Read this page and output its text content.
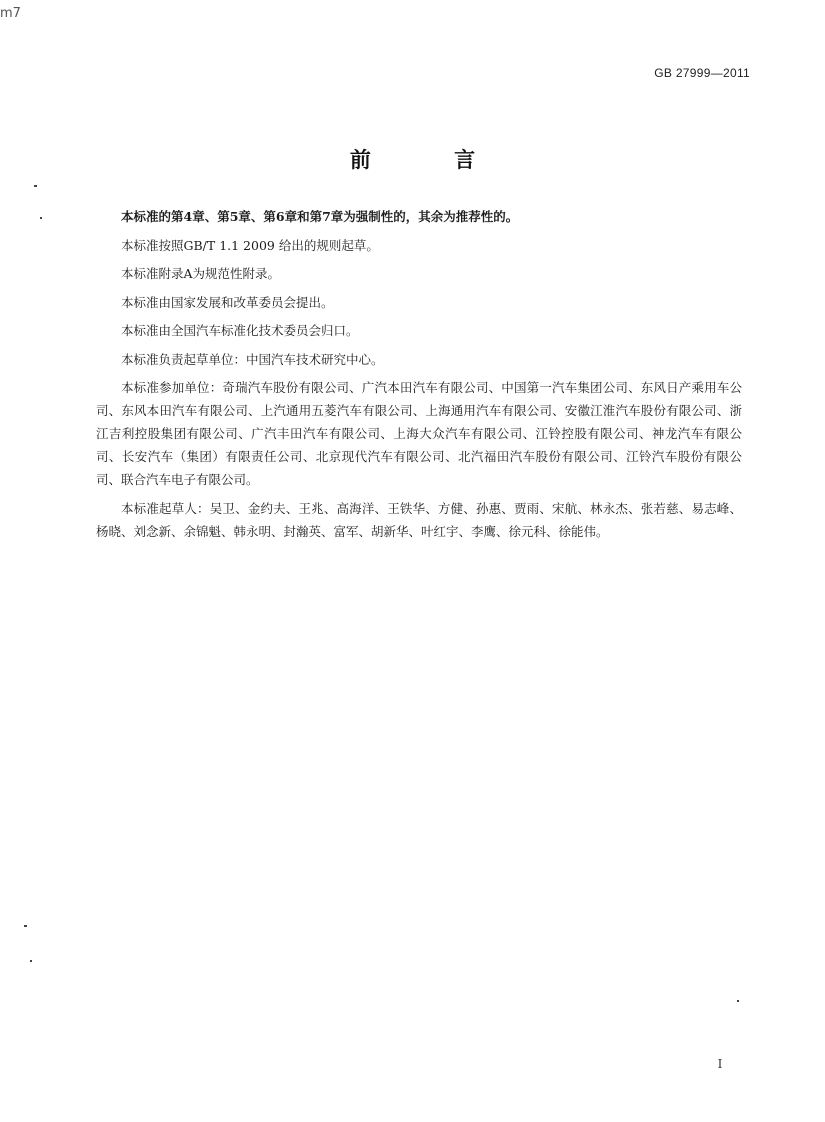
m7
GB 27999—2011
前 言

本标准的第4章、第5章、第6章和第7章为强制性的，其余为推荐性的。

本标准按照GB/T 1.1 2009 给出的规则起草。

本标准附录A为规范性附录。

本标准由国家发展和改革委员会提出。

本标准由全国汽车标准化技术委员会归口。

本标准负责起草单位：中国汽车技术研究中心。

本标准参加单位：奇瑞汽车股份有限公司、广汽本田汽车有限公司、中国第一汽车集团公司、东风日产乘用车公司、东风本田汽车有限公司、上汽通用五菱汽车有限公司、上海通用汽车有限公司、安徽江淮汽车股份有限公司、浙江吉利控股集团有限公司、广汽丰田汽车有限公司、上海大众汽车有限公司、江铃控股有限公司、神龙汽车有限公司、长安汽车（集团）有限责任公司、北京现代汽车有限公司、北汽福田汽车股份有限公司、江铃汽车股份有限公司、联合汽车电子有限公司。

本标准起草人：吴卫、金约夫、王兆、高海洋、王铁华、方健、孙惠、贾雨、宋航、林永杰、张若慈、易志峰、杨晓、刘念新、余锦魁、韩永明、封瀚英、富军、胡新华、叶红宇、李鹰、徐元科、徐能伟。

I
